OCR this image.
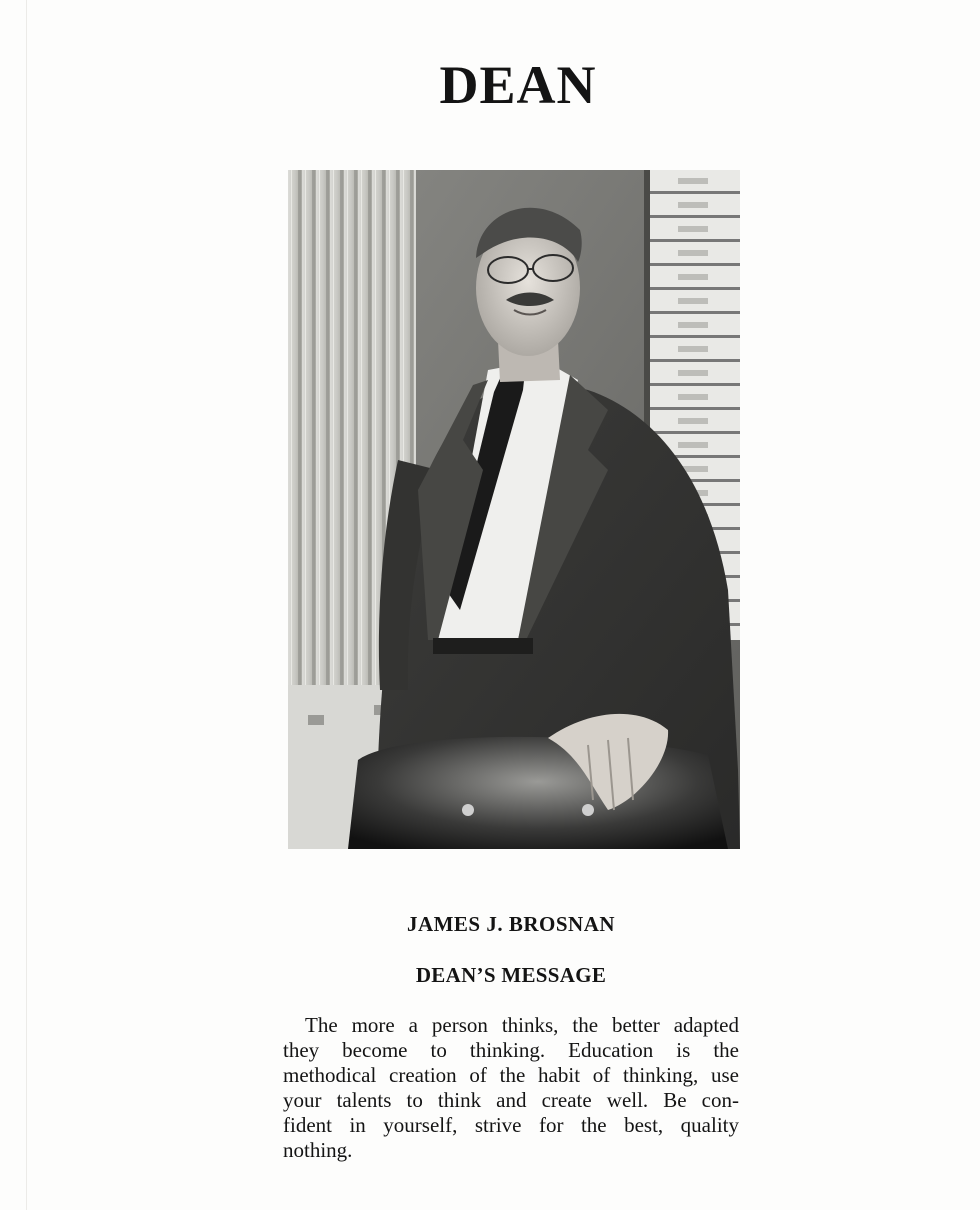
DEAN
JAMES J. BROSNAN
DEAN’S MESSAGE
The more a person thinks, the better adapted
they become to thinking. Education is the
methodical creation of the habit of thinking, use
your talents to think and create well. Be con-
fident in yourself, strive for the best, quality
nothing.
